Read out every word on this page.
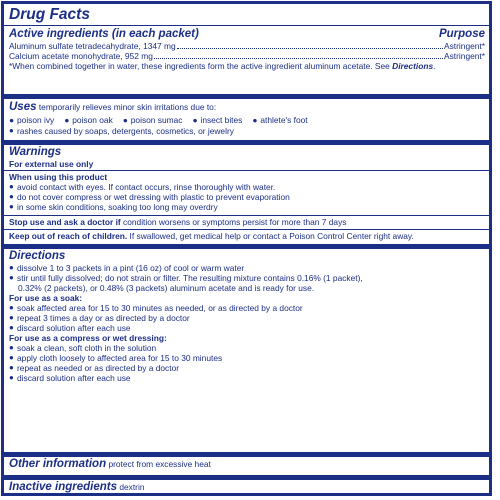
Drug Facts
Active ingredients (in each packet)	Purpose
Aluminum sulfate tetradecahydrate, 1347 mg	Astringent*
Calcium acetate monohydrate, 952 mg	Astringent*
*When combined together in water, these ingredients form the active ingredient aluminum acetate. See Directions.
Uses temporarily relieves minor skin irritations due to:
● poison ivy ● poison oak ● poison sumac ● insect bites ● athlete's foot
● rashes caused by soaps, detergents, cosmetics, or jewelry
Warnings
For external use only
When using this product
● avoid contact with eyes. If contact occurs, rinse thoroughly with water.
● do not cover compress or wet dressing with plastic to prevent evaporation
● in some skin conditions, soaking too long may overdry
Stop use and ask a doctor if condition worsens or symptoms persist for more than 7 days
Keep out of reach of children. If swallowed, get medical help or contact a Poison Control Center right away.
Directions
● dissolve 1 to 3 packets in a pint (16 oz) of cool or warm water
● stir until fully dissolved; do not strain or filter. The resulting mixture contains 0.16% (1 packet),
0.32% (2 packets), or 0.48% (3 packets) aluminum acetate and is ready for use.
For use as a soak:
● soak affected area for 15 to 30 minutes as needed, or as directed by a doctor
● repeat 3 times a day or as directed by a doctor
● discard solution after each use
For use as a compress or wet dressing:
● soak a clean, soft cloth in the solution
● apply cloth loosely to affected area for 15 to 30 minutes
● repeat as needed or as directed by a doctor
● discard solution after each use
Other information protect from excessive heat
Inactive ingredients dextrin
